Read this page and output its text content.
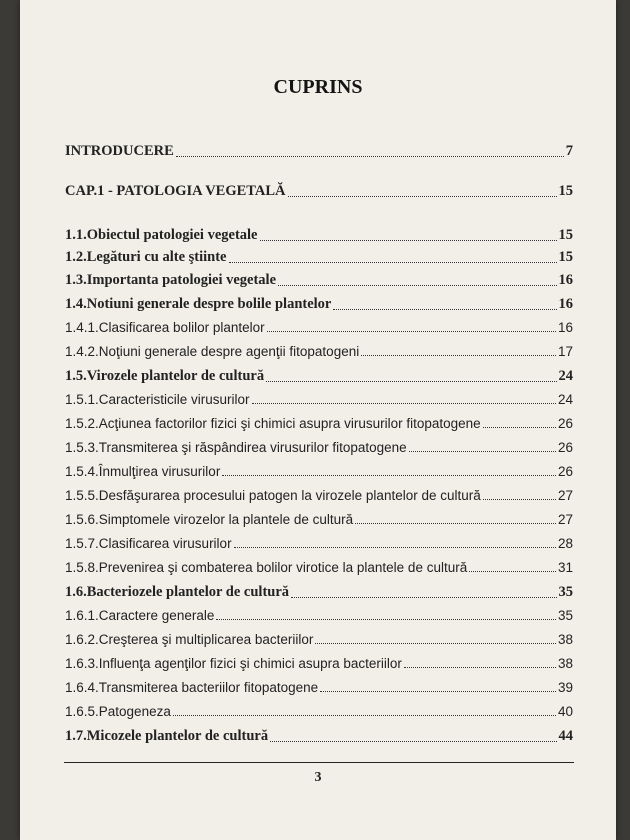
CUPRINS
INTRODUCERE	7
CAP.1 - PATOLOGIA VEGETALĂ	15
1.1.Obiectul patologiei vegetale	15
1.2.Legături cu alte ştiinte	15
1.3.Importanta patologiei vegetale	16
1.4.Notiuni generale despre bolile plantelor	16
1.4.1.Clasificarea bolilor plantelor	16
1.4.2.Noţiuni generale despre agenţii fitopatogeni	17
1.5.Virozele plantelor de cultură	24
1.5.1.Caracteristicile virusurilor	24
1.5.2.Acţiunea factorilor fizici şi chimici asupra virusurilor fitopatogene	26
1.5.3.Transmiterea şi răspândirea virusurilor fitopatogene	26
1.5.4.Înmulţirea virusurilor	26
1.5.5.Desfăşurarea procesului patogen la virozele plantelor de cultură	27
1.5.6.Simptomele virozelor la plantele de cultură	27
1.5.7.Clasificarea virusurilor	28
1.5.8.Prevenirea şi combaterea bolilor virotice la plantele de cultură	31
1.6.Bacteriozele plantelor de cultură	35
1.6.1.Caractere generale	35
1.6.2.Creşterea şi multiplicarea bacteriilor	38
1.6.3.Influenţa agenţilor fizici şi chimici asupra bacteriilor	38
1.6.4.Transmiterea bacteriilor fitopatogene	39
1.6.5.Patogeneza	40
1.7.Micozele plantelor de cultură	44
3
